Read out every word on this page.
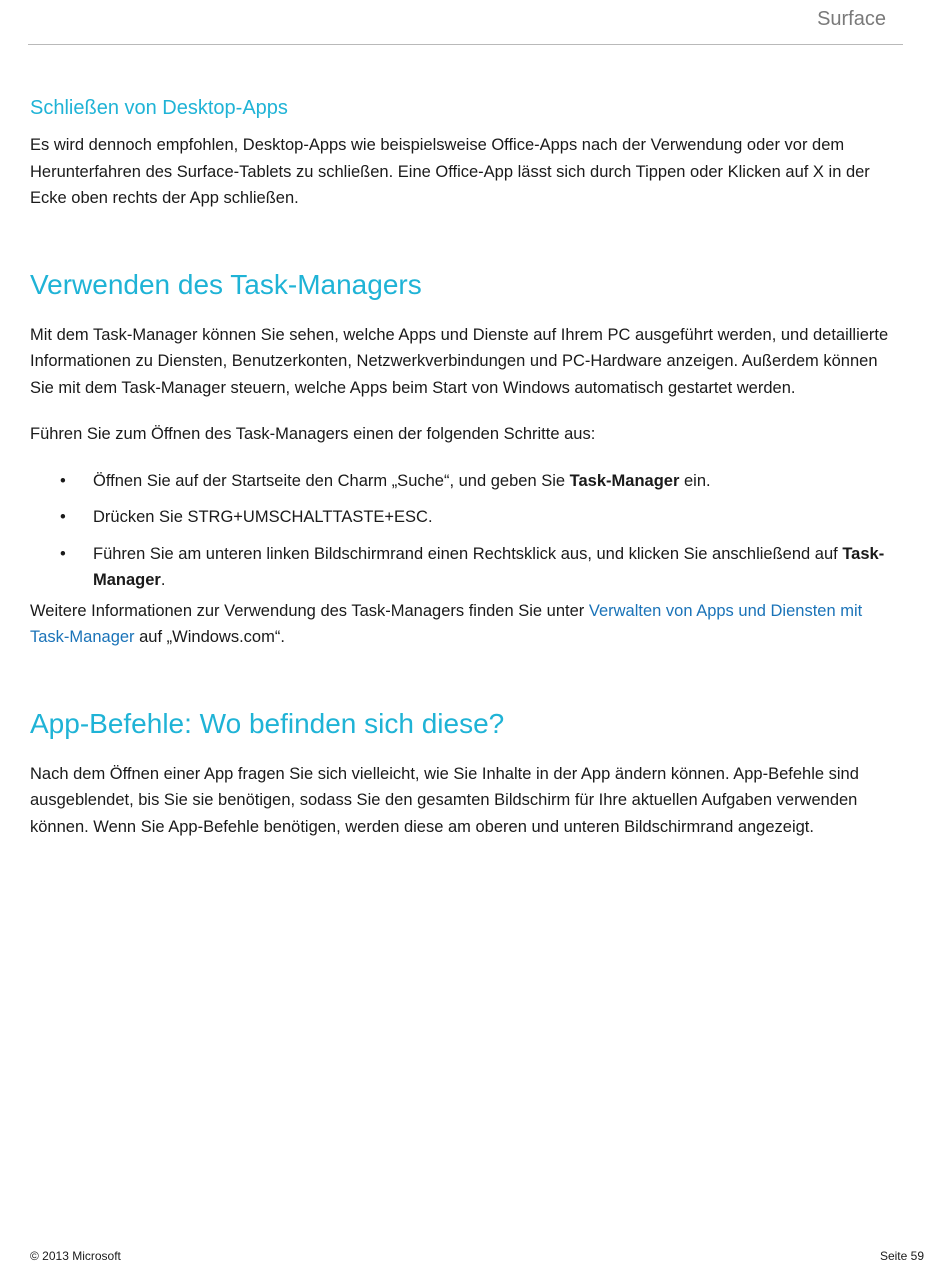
Surface
Schließen von Desktop-Apps

Es wird dennoch empfohlen, Desktop-Apps wie beispielsweise Office-Apps nach der Verwendung oder vor dem Herunterfahren des Surface-Tablets zu schließen. Eine Office-App lässt sich durch Tippen oder Klicken auf X in der Ecke oben rechts der App schließen.

Verwenden des Task-Managers

Mit dem Task-Manager können Sie sehen, welche Apps und Dienste auf Ihrem PC ausgeführt werden, und detaillierte Informationen zu Diensten, Benutzerkonten, Netzwerkverbindungen und PC-Hardware anzeigen. Außerdem können Sie mit dem Task-Manager steuern, welche Apps beim Start von Windows automatisch gestartet werden.

Führen Sie zum Öffnen des Task-Managers einen der folgenden Schritte aus:

• Öffnen Sie auf der Startseite den Charm „Suche“, und geben Sie Task-Manager ein.
• Drücken Sie STRG+UMSCHALTTASTE+ESC.
• Führen Sie am unteren linken Bildschirmrand einen Rechtsklick aus, und klicken Sie anschließend auf Task-Manager.

Weitere Informationen zur Verwendung des Task-Managers finden Sie unter Verwalten von Apps und Diensten mit Task-Manager auf „Windows.com“.

App-Befehle: Wo befinden sich diese?

Nach dem Öffnen einer App fragen Sie sich vielleicht, wie Sie Inhalte in der App ändern können. App-Befehle sind ausgeblendet, bis Sie sie benötigen, sodass Sie den gesamten Bildschirm für Ihre aktuellen Aufgaben verwenden können. Wenn Sie App-Befehle benötigen, werden diese am oberen und unteren Bildschirmrand angezeigt.

© 2013 Microsoft	Seite 59
